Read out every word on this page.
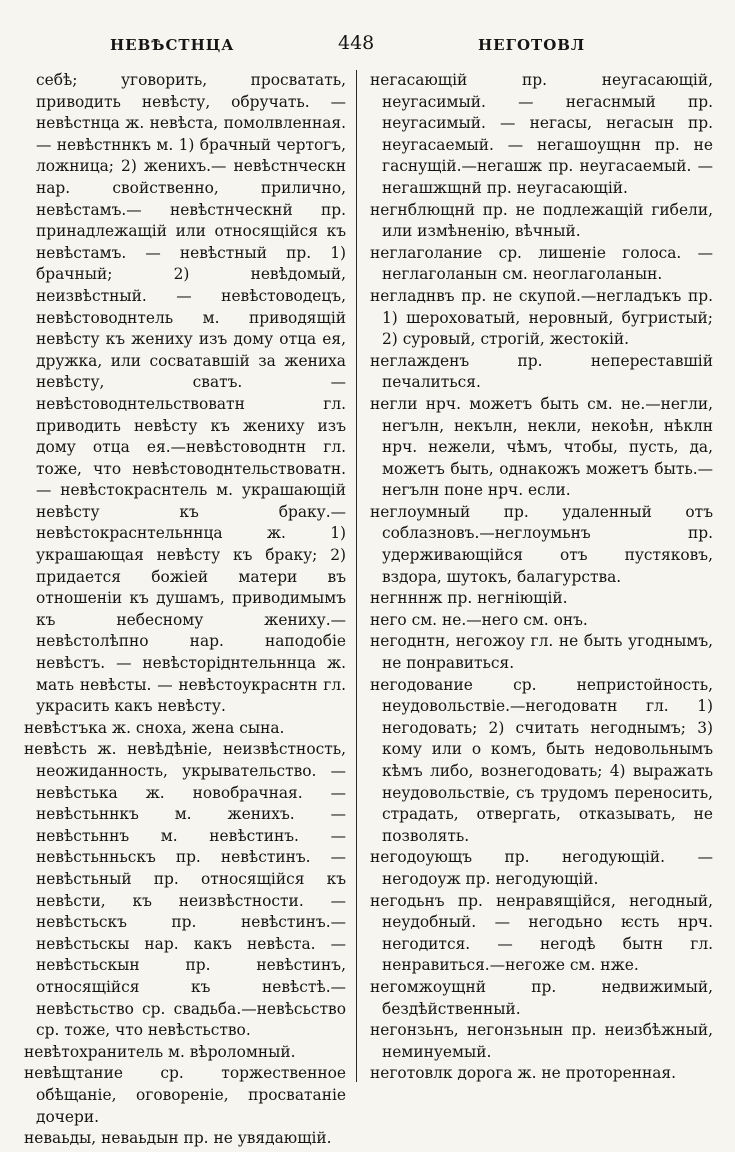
НЕВѢСТНЦА	448	НЕГОТОВЛ

себѣ; уговорить, просватать, приводить невѣсту, обручать. — невѣстнца ж. невѣста, помолвленная.— невѣстннкъ м. 1) брачный чертогъ, ложница; 2) женихъ.— невѣстнческн нар. свойственно, прилично, невѣстамъ.— невѣстнческнй пр. принадлежащій или относящійся къ невѣстамъ. — невѣстный пр. 1) брачный; 2) невѣдомый, неизвѣстный. — невѣстоводецъ, невѣстоводнтель м. приводящій невѣсту къ жениху изъ дому отца ея, дружка, или сосватавшій за жениха невѣсту, сватъ. — невѣстоводнтельствоватн гл. приводить невѣсту къ жениху изъ дому отца ея.—невѣстоводнтн гл. тоже, что невѣстоводнтельствоватн. — невѣстокраснтель м. украшающій невѣсту къ браку.— невѣстокраснтельннца ж. 1) украшающая невѣсту къ браку; 2) придается божіей матери въ отношеніи къ душамъ, приводимымъ къ небесному жениху.—невѣстолѣпно нар. наподобіе невѣстъ. — невѣсторіднтельннца ж. мать невѣсты. — невѣстоукраснтн гл. украсить какъ невѣсту.

невѣстъка ж. сноха, жена сына.

невѣсть ж. невѣдѣніе, неизвѣстность, неожиданность, укрывательство. — невѣстька ж. новобрачная. — невѣстьннкъ м. женихъ. — невѣстьннъ м. невѣстинъ. — невѣстьнньскъ пр. невѣстинъ. — невѣстьный пр. относящійся къ невѣсти, къ неизвѣстности. — невѣстьскъ пр. невѣстинъ.—невѣстьскы нар. какъ невѣста. — невѣстьскын пр. невѣстинъ, относящійся къ невѣстѣ.—невѣстьство ср. свадьба.—невѣсьство ср. тоже, что невѣстьство.

невѣтохранитель м. вѣроломный.

невѣщтание ср. торжественное обѣщаніе, оговореніе, просватаніе дочери.

неваьды, неваьдын пр. не увядающій.

негасающій пр. неугасающій, неугасимый. — негаснмый пр. неугасимый. — негасы, негасын пр. неугасаемый. — негашоущнн пр. не гаснущій.—негашж пр. неугасаемый. —негашжщнй пр. неугасающій.

негнблющнй пр. не подлежащій гибели, или измѣненію, вѣчный.

неглаголание ср. лишеніе голоса. — неглаголанын см. неоглаголанын.

негладнвъ пр. не скупой.—негладъкъ пр. 1) шероховатый, неровный, бугристый; 2) суровый, строгій, жестокій.

неглажденъ пр. непереставшій печалиться.

негли нрч. можетъ быть см. не.—негли, негълн, некълн, некли, некоѣн, нѣклн нрч. нежели, чѣмъ, чтобы, пусть, да, можетъ быть, однакожъ можетъ быть.—негълн поне нрч. если.

неглоумный пр. удаленный отъ соблазновъ.—неглоумьнъ пр. удерживающійся отъ пустяковъ, вздора, шутокъ, балагурства.

негнннж пр. негніющій.

него см. не.—него см. онъ.

негоднтн, негожоу гл. не быть угоднымъ, не понравиться.

негодование ср. непристойность, неудовольствіе.—негодоватн гл. 1) негодовать; 2) считать негоднымъ; 3) кому или о комъ, быть недовольнымъ кѣмъ либо, вознегодовать; 4) выражать неудовольствіе, съ трудомъ переносить, страдать, отвергать, отказывать, не позволять.

негодоующъ пр. негодующій. — негодоуж пр. негодующій.

негодьнъ пр. ненравящійся, негодный, неудобный. — негодьно ѥсть нрч. негодится. — негодѣ бытн гл. ненравиться.—негоже см. нже.

негомжоущнй пр. недвижимый, бездѣйственный.

негонзьнъ, негонзьнын пр. неизбѣжный, неминуемый.

неготовлк дорога ж. не проторенная.
